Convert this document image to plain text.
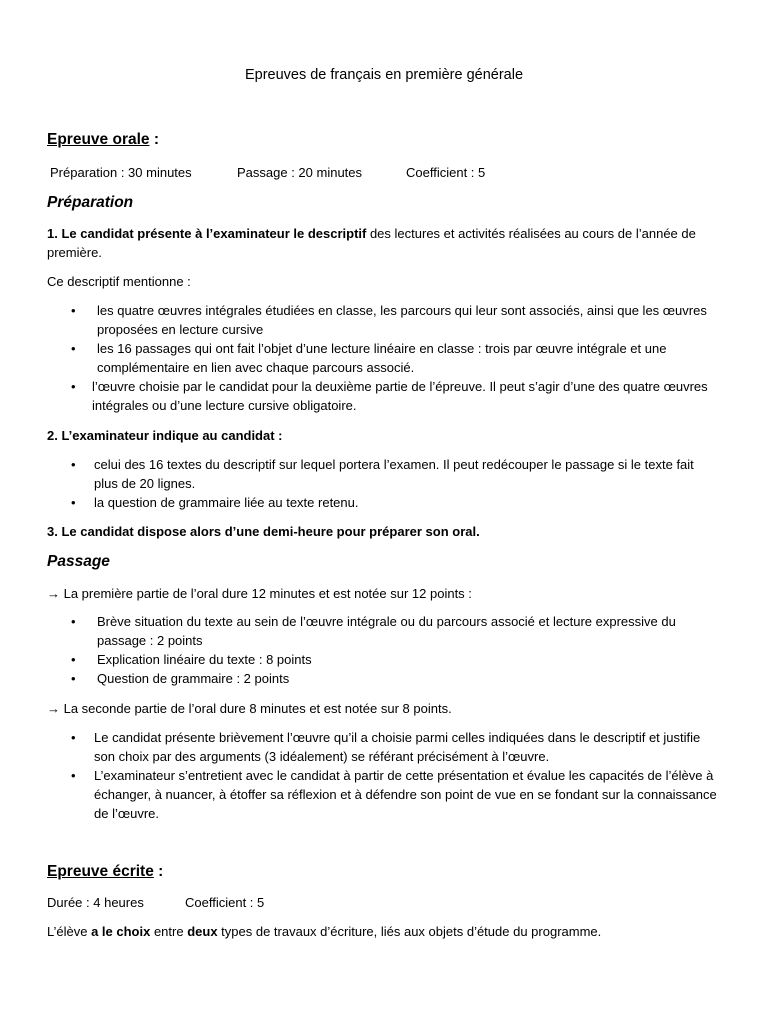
Epreuves de français en première générale

Epreuve orale :

Préparation : 30 minutes	Passage : 20 minutes	Coefficient : 5

Préparation

1. Le candidat présente à l’examinateur le descriptif des lectures et activités réalisées au cours de l’année de première.

Ce descriptif mentionne :

• les quatre œuvres intégrales étudiées en classe, les parcours qui leur sont associés, ainsi que les œuvres proposées en lecture cursive
• les 16 passages qui ont fait l’objet d’une lecture linéaire en classe : trois par œuvre intégrale et une complémentaire en lien avec chaque parcours associé.
• l’œuvre choisie par le candidat pour la deuxième partie de l’épreuve. Il peut s’agir d’une des quatre œuvres intégrales ou d’une lecture cursive obligatoire.

2. L’examinateur indique au candidat :

• celui des 16 textes du descriptif sur lequel portera l’examen. Il peut redécouper le passage si le texte fait plus de 20 lignes.
• la question de grammaire liée au texte retenu.

3. Le candidat dispose alors d’une demi-heure pour préparer son oral.

Passage

→ La première partie de l’oral dure 12 minutes et est notée sur 12 points :

• Brève situation du texte au sein de l’œuvre intégrale ou du parcours associé et lecture expressive du passage : 2 points
• Explication linéaire du texte : 8 points
• Question de grammaire : 2 points

→ La seconde partie de l’oral dure 8 minutes et est notée sur 8 points.

• Le candidat présente brièvement l’œuvre qu’il a choisie parmi celles indiquées dans le descriptif et justifie son choix par des arguments (3 idéalement) se référant précisément à l’œuvre.
• L’examinateur s’entretient avec le candidat à partir de cette présentation et évalue les capacités de l’élève à échanger, à nuancer, à étoffer sa réflexion et à défendre son point de vue en se fondant sur la connaissance de l’œuvre.

Epreuve écrite :

Durée : 4 heures	Coefficient : 5

L’élève a le choix entre deux types de travaux d’écriture, liés aux objets d’étude du programme.
